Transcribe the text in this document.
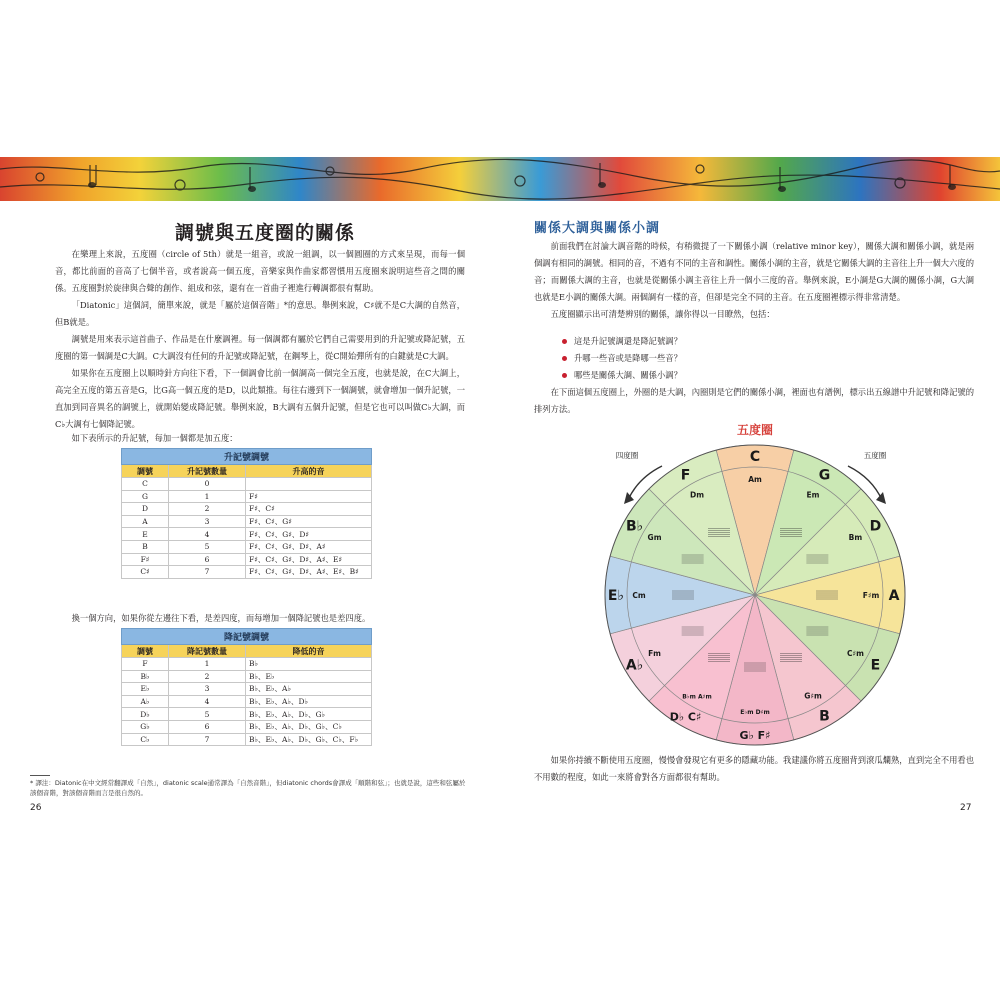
調號與五度圈的關係
在樂理上來說，五度圈（circle of 5th）就是一組音，或說一組調，以一個圓圈的方式來呈現，而每一個音，都比前面的音高了七個半音，或者說高一個五度，音樂家與作曲家都習慣用五度圈來說明這些音之間的關係。五度圈對於旋律與合聲的創作、組成和弦，還有在一首曲子裡進行轉調都很有幫助。
「Diatonic」這個詞，簡單來說，就是「屬於這個音階」*的意思。舉例來說，C♯就不是C大調的自然音，但B就是。
調號是用來表示這首曲子、作品是在什麼調裡。每一個調都有屬於它們自己需要用到的升記號或降記號，五度圈的第一個調是C大調。C大調沒有任何的升記號或降記號，在鋼琴上，從C開始彈所有的白鍵就是C大調。
如果你在五度圈上以順時針方向往下看，下一個調會比前一個調高一個完全五度，也就是說，在C大調上，高完全五度的第五音是G，比G高一個五度的是D，以此類推。每往右邊到下一個調號，就會增加一個升記號，一直加到同音異名的調號上，就開始變成降記號。舉例來說，B大調有五個升記號，但是它也可以叫做C♭大調，而C♭大調有七個降記號。
如下表所示的升記號，每加一個都是加五度：
升記號調號		
調號	升記號數量	升高的音
C	0	
G	1	F♯
D	2	F♯、C♯
A	3	F♯、C♯、G♯
E	4	F♯、C♯、G♯、D♯
B	5	F♯、C♯、G♯、D♯、A♯
F♯	6	F♯、C♯、G♯、D♯、A♯、E♯
C♯	7	F♯、C♯、G♯、D♯、A♯、E♯、B♯
換一個方向，如果你從左邊往下看，是差四度，而每增加一個降記號也是差四度。
降記號調號		
調號	降記號數量	降低的音
F	1	B♭
B♭	2	B♭、E♭
E♭	3	B♭、E♭、A♭
A♭	4	B♭、E♭、A♭、D♭
D♭	5	B♭、E♭、A♭、D♭、G♭
G♭	6	B♭、E♭、A♭、D♭、G♭、C♭
C♭	7	B♭、E♭、A♭、D♭、G♭、C♭、F♭
* 譯注：Diatonic在中文經常翻譯成「自然」，diatonic scale通常譯為「自然音階」，但diatonic chords會譯成「順階和弦」；也就是說，這些和弦屬於該個音階，對該個音階而言是很自然的。
26
關係大調與關係小調
前面我們在討論大調音階的時候，有稍微提了一下關係小調（relative minor key），關係大調和關係小調，就是兩個調有相同的調號。相同的音，不過有不同的主音和調性。關係小調的主音，就是它關係大調的主音往上升一個大六度的音；而關係大調的主音，也就是從關係小調主音往上升一個小三度的音。舉例來說，E小調是G大調的關係小調，G大調也就是E小調的關係大調。兩個調有一樣的音，但卻是完全不同的主音。在五度圈裡標示得非常清楚。
五度圈顯示出可清楚辨別的關係，讓你得以一目瞭然，包括：
這是升記號調還是降記號調？
升哪一些音或是降哪一些音？
哪些是關係大調、關係小調？
在下面這個五度圈上，外圈的是大調，內圈則是它們的關係小調，裡面也有譜例，標示出五線譜中升記號和降記號的排列方法。
五度圈
四度圈	五度圈
C
Am	G
Em
D
Bm
A
F♯m
E
C♯m
B
G♯m
G♭ F♯
E♭m D♯m
D♭ C♯
B♭m A♯m
A♭
Fm
E♭ Cm
B♭
Gm
F
Dm
如果你持續不斷使用五度圈，慢慢會發現它有更多的隱藏功能。我建議你將五度圈背到滾瓜爛熟，直到完全不用看也不用數的程度，如此一來將會對各方面都很有幫助。
27
